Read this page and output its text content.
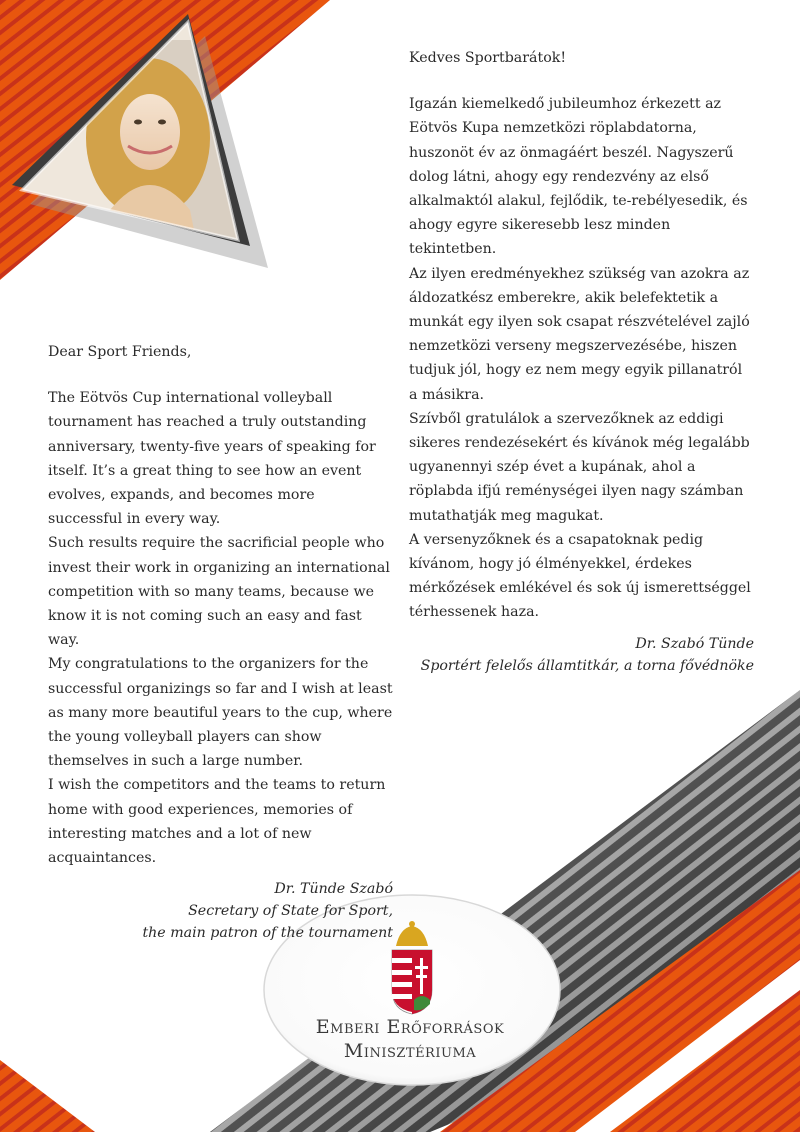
Kedves Sportbarátok!

Igazán kiemelkedő jubileumhoz érkezett az Eötvös Kupa nemzetközi röplabdatorna, huszonöt év az önmagáért beszél. Nagyszerű dolog látni, ahogy egy rendezvény az első alkalmaktól alakul, fejlődik, te-rebélyesedik, és ahogy egyre sikeresebb lesz minden tekintetben.

Az ilyen eredményekhez szükség van azokra az áldozatkész emberekre, akik belefektetik a munkát egy ilyen sok csapat részvételével zajló nemzetközi verseny megszervezésébe, hiszen tudjuk jól, hogy ez nem megy egyik pillanatról a másikra.

Szívből gratulálok a szervezőknek az eddigi sikeres rendezésekért és kívánok még legalább ugyanennyi szép évet a kupának, ahol a röplabda ifjú reménységei ilyen nagy számban mutathatják meg magukat.

A versenyzőknek és a csapatoknak pedig kívánom, hogy jó élményekkel, érdekes mérkőzések emlékével és sok új ismerettséggel térhessenek haza.

Dr. Szabó Tünde
Sportért felelős államtitkár, a torna fővédnöke

Dear Sport Friends,

The Eötvös Cup international volleyball tournament has reached a truly outstanding anniversary, twenty-five years of speaking for itself. It’s a great thing to see how an event evolves, expands, and becomes more successful in every way.

Such results require the sacrificial people who invest their work in organizing an international competition with so many teams, because we know it is not coming such an easy and fast way.

My congratulations to the organizers for the successful organizings so far and I wish at least as many more beautiful years to the cup, where the young volleyball players can show themselves in such a large number.

I wish the competitors and the teams to return home with good experiences, memories of interesting matches and a lot of new acquaintances.

Dr. Tünde Szabó
Secretary of State for Sport,
the main patron of the tournament
Emberi Erőforrások
Minisztériuma
